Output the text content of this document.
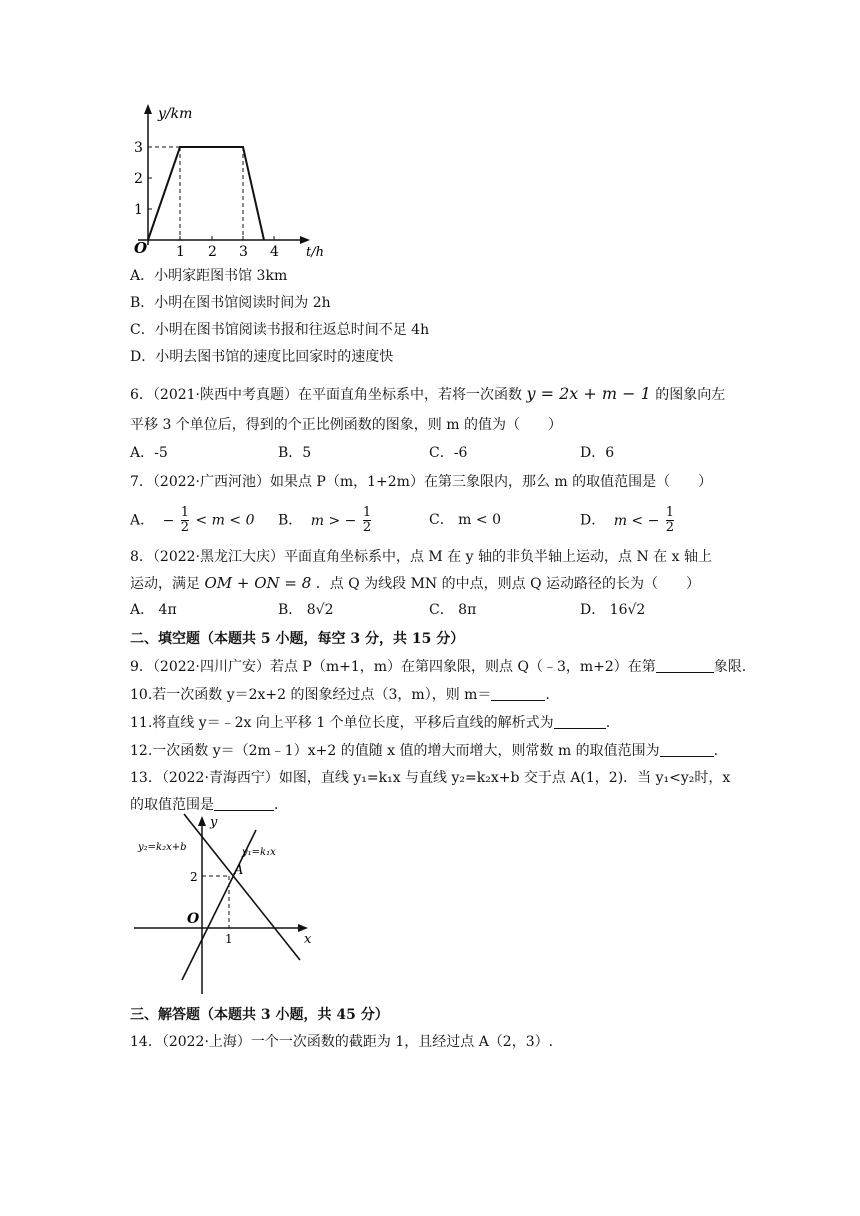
y/km
t/h
O
3
2
1
1 2 3 4
A．小明家距图书馆 3km
B．小明在图书馆阅读时间为 2h
C．小明在图书馆阅读书报和往返总时间不足 4h
D．小明去图书馆的速度比回家时的速度快
6．（2021·陕西中考真题）在平面直角坐标系中，若将一次函数 y = 2x + m − 1 的图象向左
平移 3 个单位后，得到的个正比例函数的图象，则 m 的值为（　　）
A．-5	B．5	C．-6	D．6
7．（2022·广西河池）如果点 P（m，1+2m）在第三象限内，那么 m 的取值范围是（　　）
A． − $\frac{1}{2} < m < 0$ B． m > − $\frac{1}{2}$	C． m < 0	D． m < − $\frac{1}{2}$
8．（2022·黑龙江大庆）平面直角坐标系中，点 M 在 y 轴的非负半轴上运动，点 N 在 x 轴上
运动，满足 OM + ON = 8 ．点 Q 为线段 MN 的中点，则点 Q 运动路径的长为（　　）
A． 4π	B． 8√2	C． 8π	D． 16√2
二、填空题（本题共 5 小题，每空 3 分，共 15 分）
9．（2022·四川广安）若点 P（m+1，m）在第四象限，则点 Q（﹣3，m+2）在第	象限.
10.若一次函数 y＝2x+2 的图象经过点（3，m），则 m＝	.
11.将直线 y＝﹣2x 向上平移 1 个单位长度，平移后直线的解析式为	.
12.一次函数 y＝（2m﹣1）x+2 的值随 x 值的增大而增大，则常数 m 的取值范围为	.
13．（2022·青海西宁）如图，直线 y₁=k₁x 与直线 y₂=k₂x+b 交于点 A(1，2)．当 y₁<y₂时，x
的取值范围是	．
y
x
O
A
1
2
y₁=k₁x
y₂=k₂x+b
三、解答题（本题共 3 小题，共 45 分）
14．（2022·上海）一个一次函数的截距为 1，且经过点 A（2，3）.
